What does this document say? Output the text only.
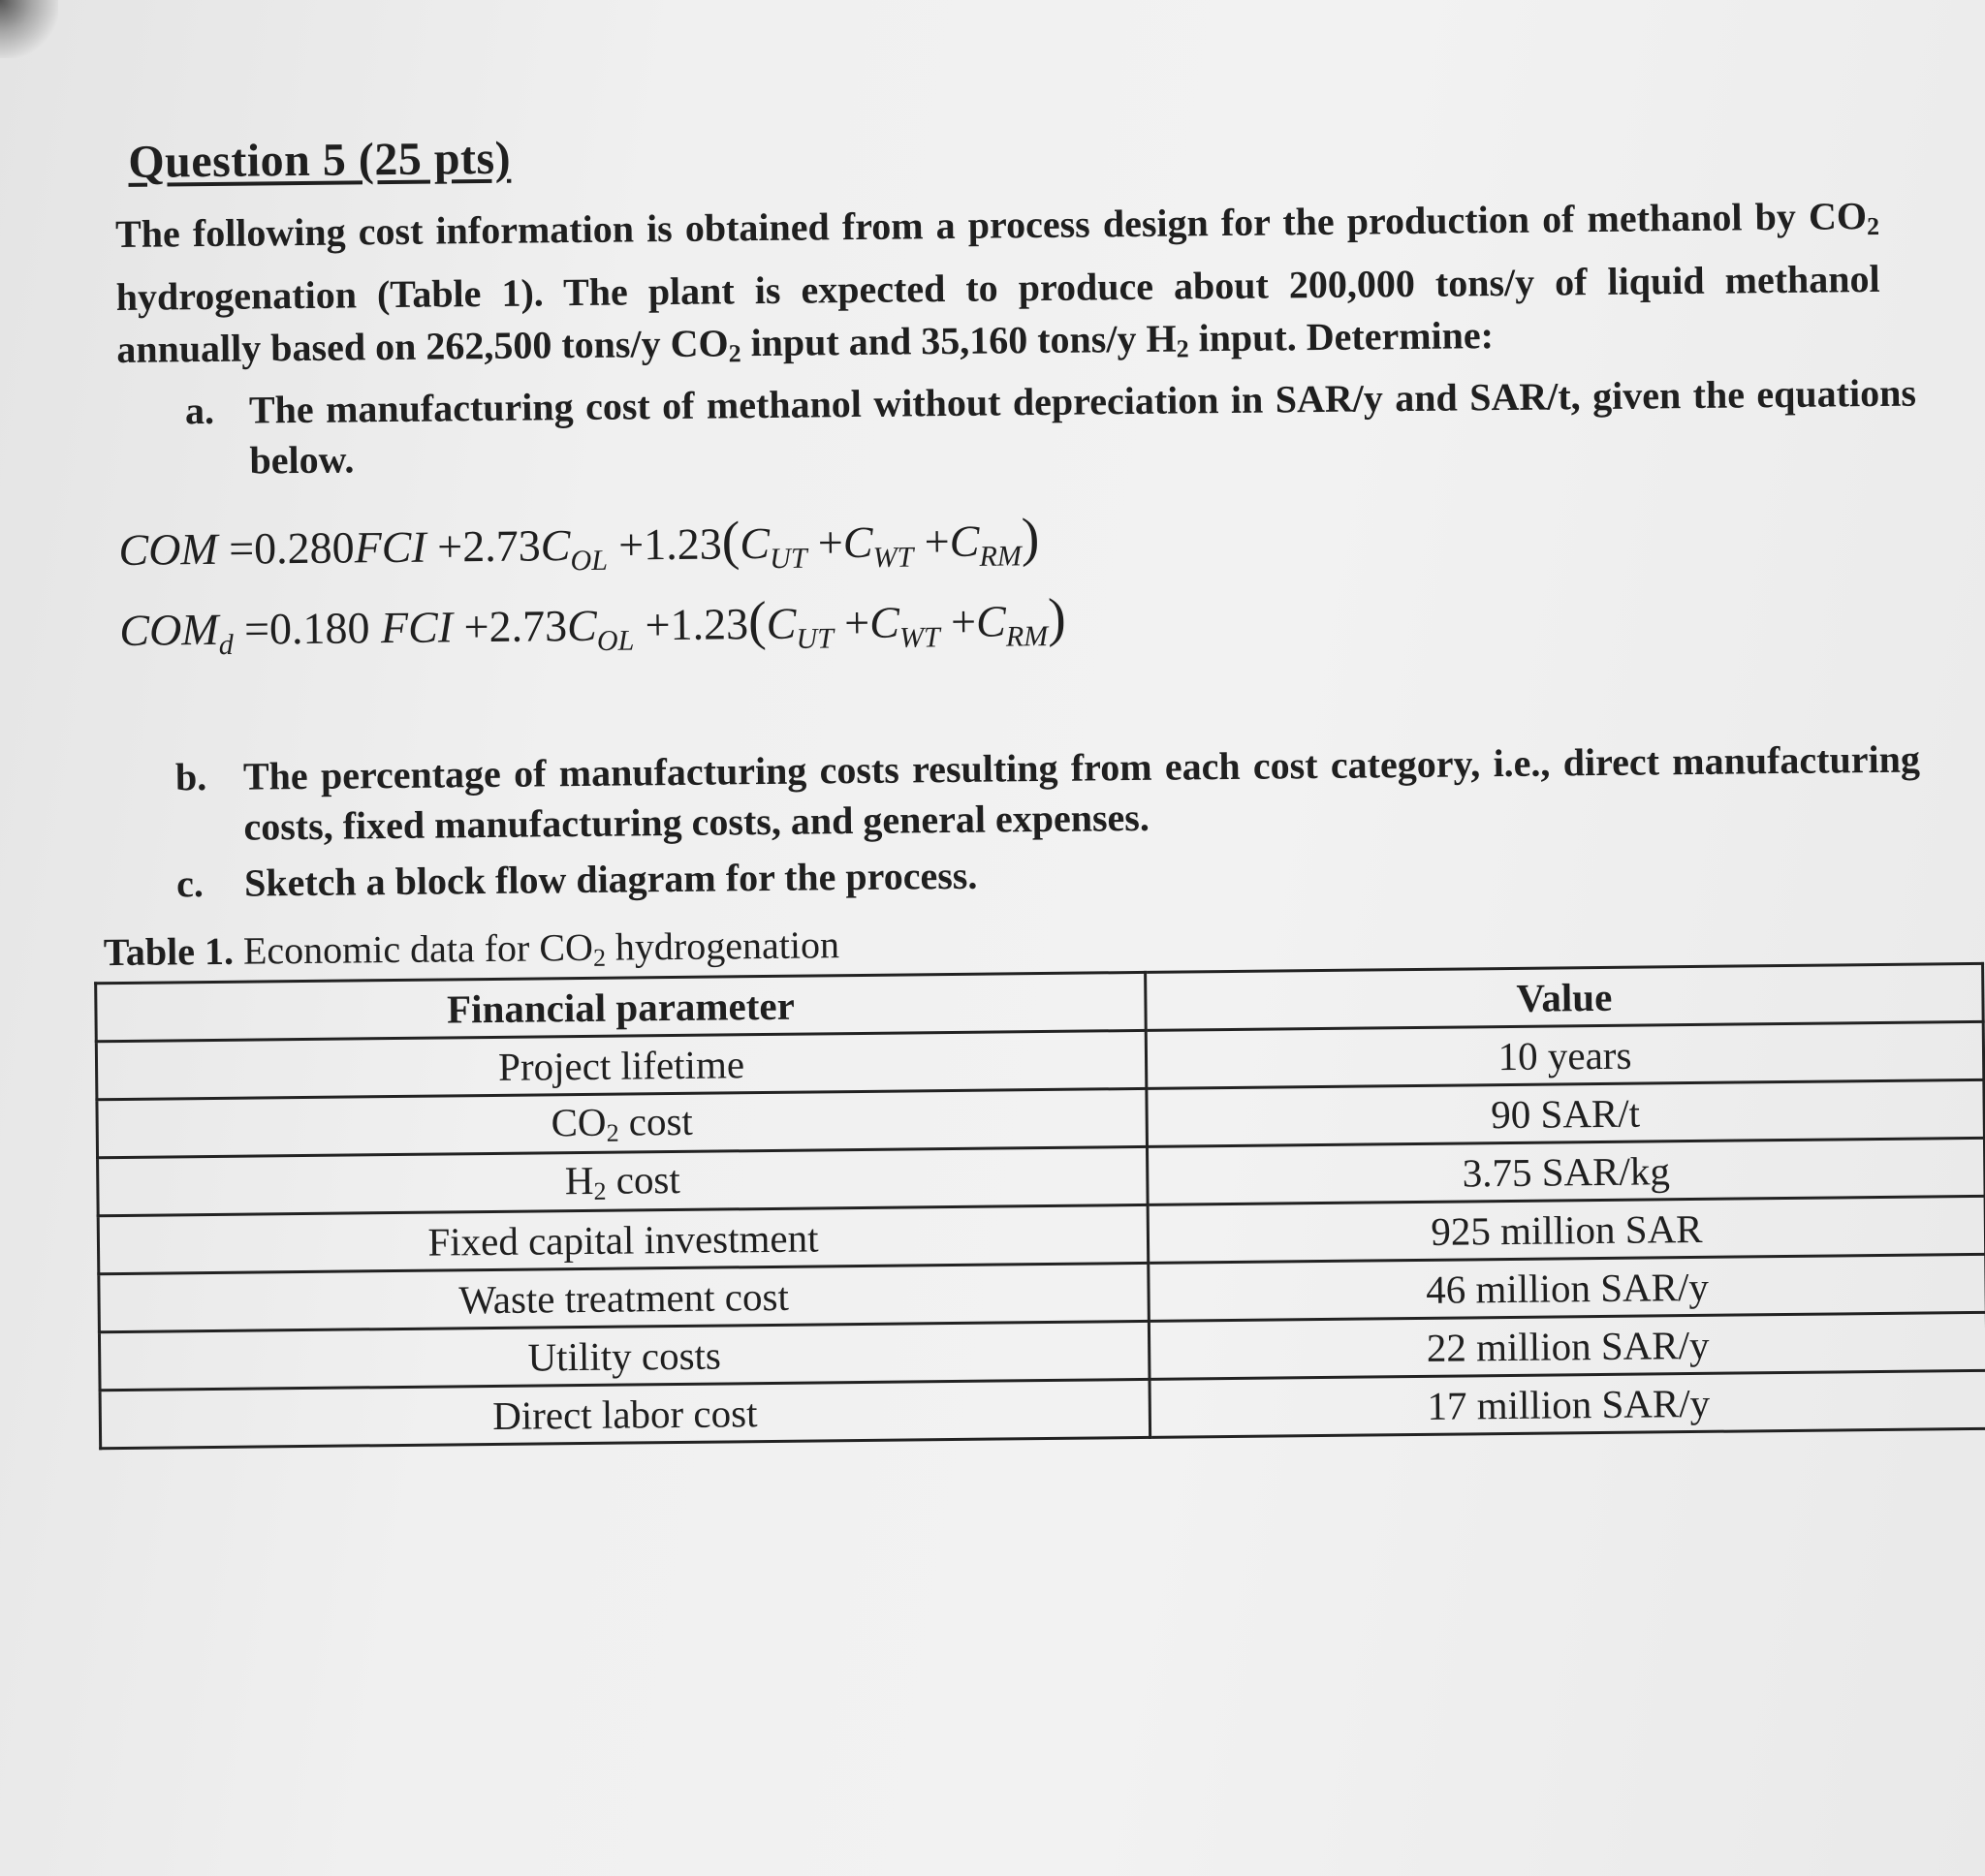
Question 5 (25 pts)

The following cost information is obtained from a process design for the production of methanol by $CO_2$ hydrogenation (Table 1). The plant is expected to produce about 200,000 tons/y of liquid methanol annually based on 262,500 tons/y $CO_2$ input and 35,160 tons/y $H_2$ input. Determine:

a. The manufacturing cost of methanol without depreciation in SAR/y and SAR/t, given the equations below.
COM $=0.280FCI +2.73C_{OL} +1.23(C_{UT} +C_{WT} +C_{RM})$
$COM_d =0.180$ FCI $+2.73C_{OL} +1.23(C_{UT} +C_{WT} +C_{RM})$
b. The percentage of manufacturing costs resulting from each cost category, i.e., direct manufacturing costs, fixed manufacturing costs, and general expenses.
c.	Sketch a block flow diagram for the process.
Table 1. Economic data for $CO_2$ hydrogenation
Financial parameter	Value
Project lifetime	10 years
$CO_2$ cost	90 SAR/t
$H_2$ cost	3.75 SAR/kg
Fixed capital investment	925 million SAR
Waste treatment cost	46 million SAR/y
Utility costs	22 million SAR/y
Direct labor cost	17 million SAR/y
